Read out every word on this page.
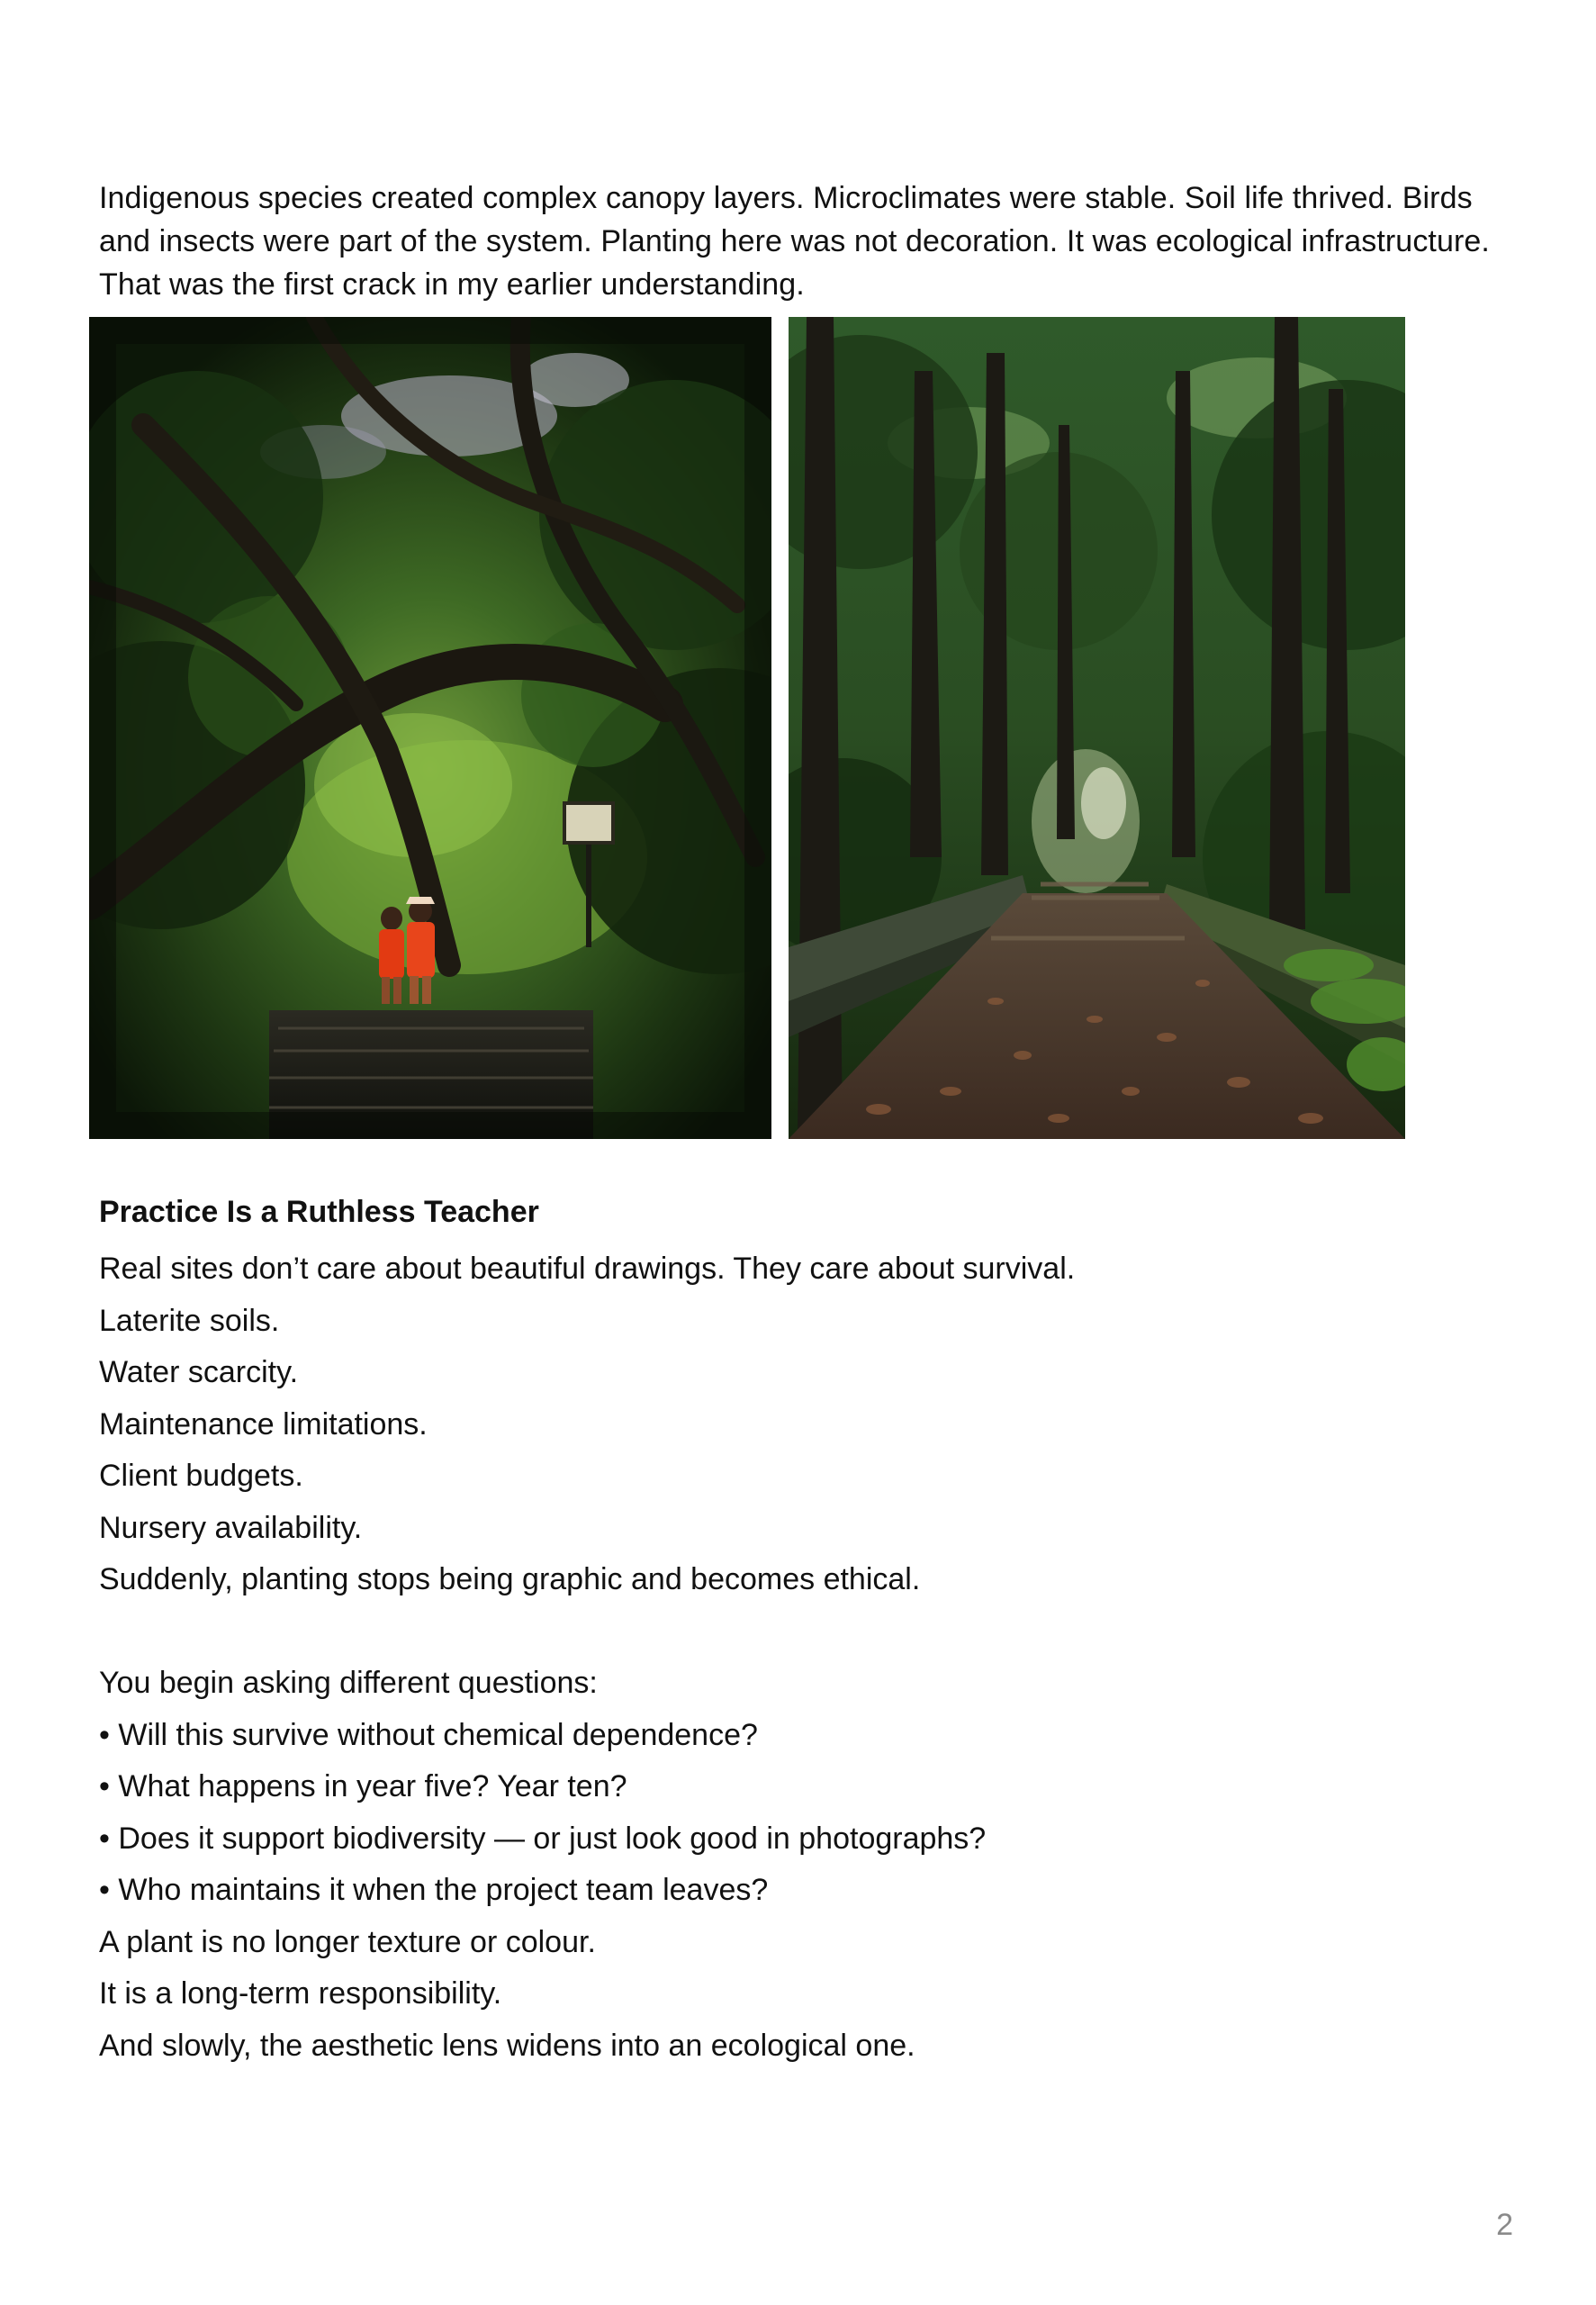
Indigenous species created complex canopy layers. Microclimates were stable. Soil life thrived. Birds and insects were part of the system. Planting here was not decoration. It was ecological infrastructure. That was the first crack in my earlier understanding.

Practice Is a Ruthless Teacher
Real sites don’t care about beautiful drawings. They care about survival.
Laterite soils.
Water scarcity.
Maintenance limitations.
Client budgets.
Nursery availability.
Suddenly, planting stops being graphic and becomes ethical.
You begin asking different questions:
• Will this survive without chemical dependence?
• What happens in year five? Year ten?
• Does it support biodiversity — or just look good in photographs?
• Who maintains it when the project team leaves?
A plant is no longer texture or colour.
It is a long-term responsibility.
And slowly, the aesthetic lens widens into an ecological one.
2
